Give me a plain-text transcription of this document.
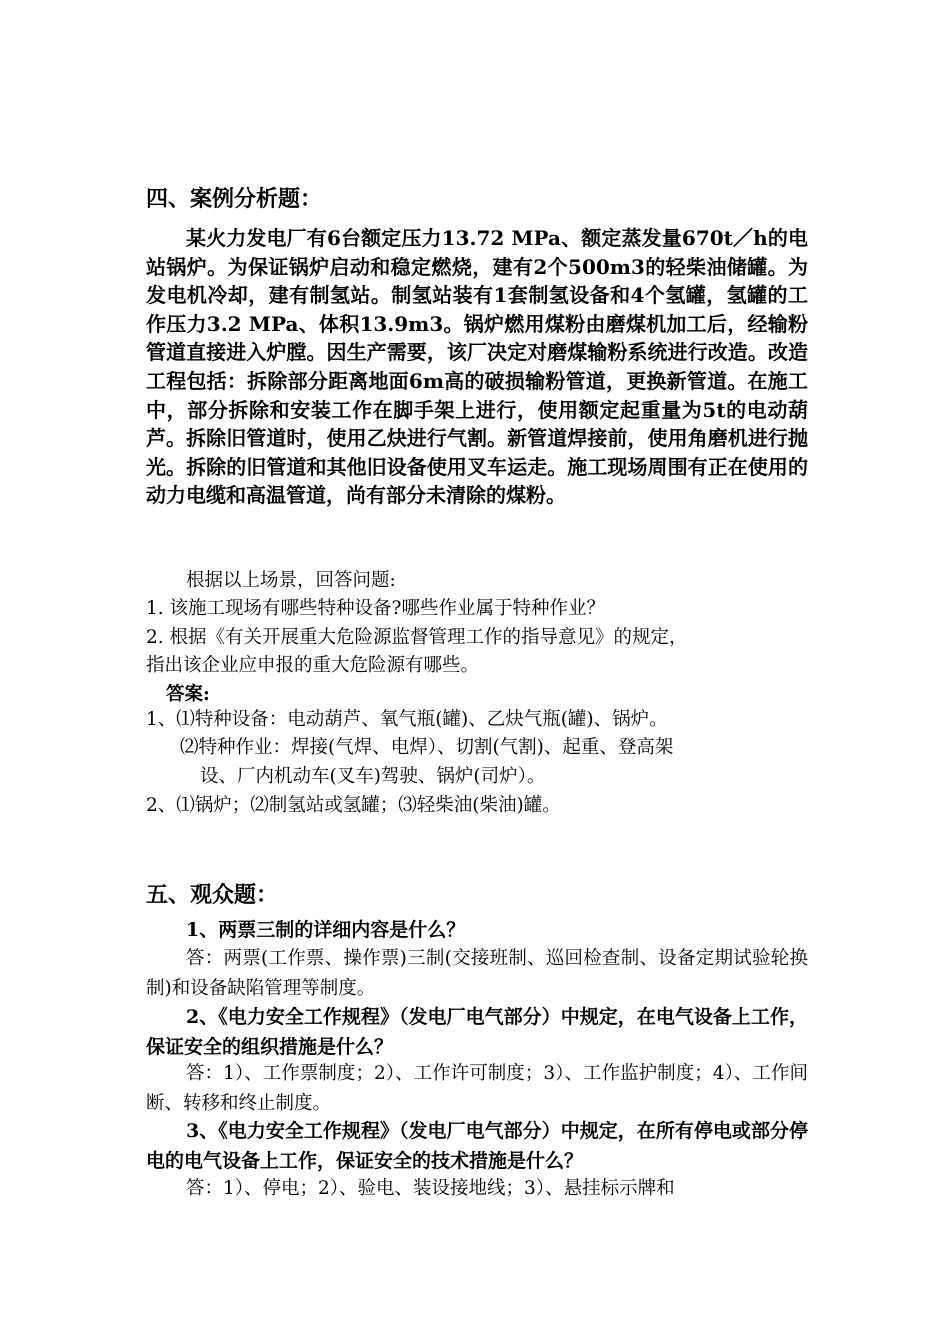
四、案例分析题：
某火力发电厂有6台额定压力13.72 MPa、额定蒸发量670t／h的电站锅炉。为保证锅炉启动和稳定燃烧，建有2个500m3的轻柴油储罐。为发电机冷却，建有制氢站。制氢站装有1套制氢设备和4个氢罐，氢罐的工作压力3.2 MPa、体积13.9m3。锅炉燃用煤粉由磨煤机加工后，经输粉管道直接进入炉膛。因生产需要，该厂决定对磨煤输粉系统进行改造。改造工程包括：拆除部分距离地面6m高的破损输粉管道，更换新管道。在施工中，部分拆除和安装工作在脚手架上进行，使用额定起重量为5t的电动葫芦。拆除旧管道时，使用乙炔进行气割。新管道焊接前，使用角磨机进行抛光。拆除的旧管道和其他旧设备使用叉车运走。施工现场周围有正在使用的动力电缆和高温管道，尚有部分未清除的煤粉。
根据以上场景，回答问题:
1. 该施工现场有哪些特种设备?哪些作业属于特种作业？
2. 根据《有关开展重大危险源监督管理工作的指导意见》的规定，
指出该企业应申报的重大危险源有哪些。
答案:
1、⑴特种设备：电动葫芦、氧气瓶(罐)、乙炔气瓶(罐)、锅炉。
⑵特种作业：焊接(气焊、电焊）、切割(气割)、起重、登高架
设、厂内机动车(叉车)驾驶、锅炉(司炉）。
2、⑴锅炉；⑵制氢站或氢罐；⑶轻柴油(柴油)罐。
五、观众题：
1、两票三制的详细内容是什么？
答：两票(工作票、操作票)三制(交接班制、巡回检查制、设备定期试验轮换制)和设备缺陷管理等制度。
2、《电力安全工作规程》（发电厂电气部分）中规定，在电气设备上工作，保证安全的组织措施是什么？
答：1）、工作票制度；2）、工作许可制度；3）、工作监护制度；4）、工作间断、转移和终止制度。
3、《电力安全工作规程》（发电厂电气部分）中规定，在所有停电或部分停电的电气设备上工作，保证安全的技术措施是什么？
答：1）、停电；2）、验电、装设接地线；3）、悬挂标示牌和
